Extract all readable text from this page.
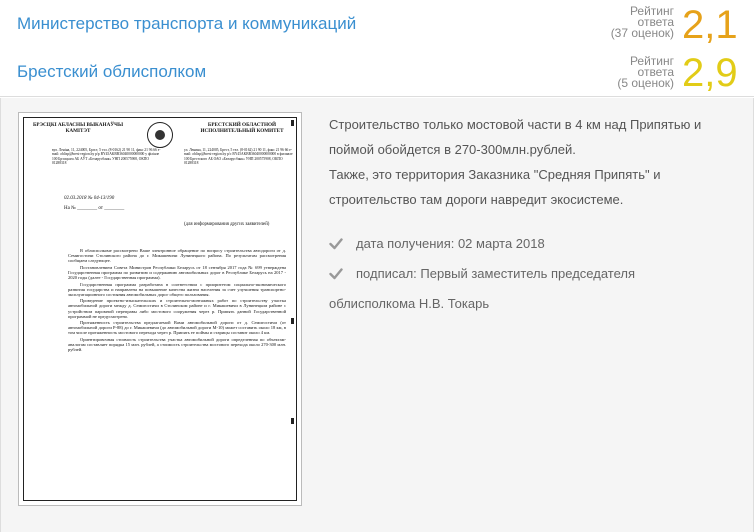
Министерство транспорта и коммуникаций
Рейтинг
ответа
(37 оценок) 2,1
Брестский облисполком
Рейтинг
ответа
(5 оценок) 2,9
БРЭСЦКI АБЛАСНЫ ВЫКАНАЎЧЫ КАМIТЭТ
БРЕСТСКИЙ ОБЛАСТНОЙ ИСПОЛНИТЕЛЬНЫЙ КОМИТЕТ
вул. Ленiна, 11, 224005, Брэст, 5 тэл. (8-0162) 21 90 11, факс 21 96 66 e-mail: oblisp@brest-region.by р/р BY45AKBB36040000000000 у фiлiяле 100 Брэсцкага АБ АЎТ «Беларусбанк» УНП 200575908, ОКПО 01288318
ул. Ленина, 11, 224005, Брест, 5 тел. (8-0162) 21 90 11, факс 21 96 66 e-mail: oblisp@brest-region.by р/с BY45AKBB36040000000000 в филиале 100 Брестского АБ ОАО «Беларусбанк» УНП 200575908, ОКПО 01288318
02.03.2018 № 04-13/190
На № ________ от ________
(для информирования других заявителей)

В облисполкоме рассмотрено Ваше электронное обращение по вопросу строительства автодороги от д. Семигостичи Столинского района до г. Микашевичи Лунинецкого района. По результатам рассмотрения сообщаем следующее.

Постановлением Совета Министров Республики Беларусь от 18 сентября 2017 года № 699 утверждена Государственная программа по развитию и содержанию автомобильных дорог в Республике Беларусь на 2017 - 2020 годы (далее - Государственная программа).

Государственная программа разработана в соответствии с приоритетом социально-экономического развития государства и направлена на повышение качества жизни населения за счет улучшения транспортно-эксплуатационного состояния автомобильных дорог общего пользования.

Проведение проектно-изыскательских и строительно-монтажных работ по строительству участка автомобильной дороги между д. Семигостичи в Столинском районе и г. Микашевичи в Лунинецком районе с устройством паромной переправы либо мостового сооружения через р. Припять данной Государственной программой не предусмотрено.

Протяженность строительства предлагаемой Вами автомобильной дороги от д. Семигостичи (от автомобильной дороги Р-88) до г. Микашевичи (до автомобильной дороги М-10) может составить около 18 км, в том числе протяженность мостового перехода через р. Припять ее поймы и старицы составит около 4 км.

Ориентировочная стоимость строительства участка автомобильной дороги определенная по объектам-аналогам составляет порядка 15 млн. рублей, а стоимость строительства мостового перехода около 270-300 млн. рублей.

Строительство только мостовой части в 4 км над Припятью и
поймой обойдется в 270-300млн.рублей.
Также, это территория Заказника "Средняя Припять" и
строительство там дороги навредит экосистеме.
дата получения: 02 марта 2018
подписал: Первый заместитель председателя
облисполкома Н.В. Токарь
